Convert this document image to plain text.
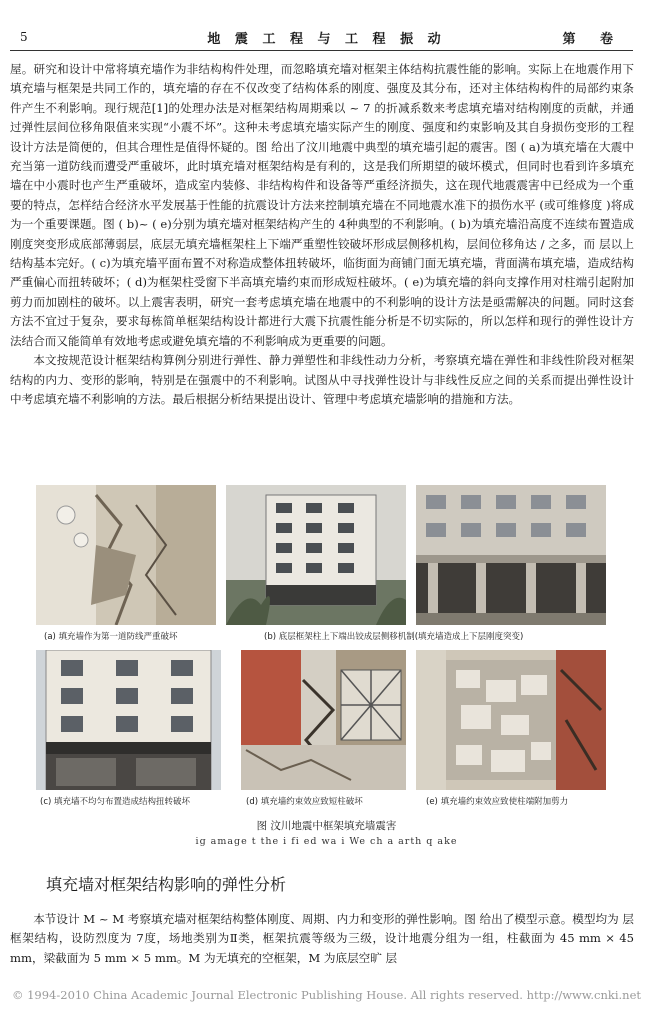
5	地 震 工 程 与 工 程 振 动	第 卷

屋。研究和设计中常将填充墙作为非结构构件处理，而忽略填充墙对框架主体结构抗震性能的影响。实际上在地震作用下填充墙与框架是共同工作的，填充墙的存在不仅改变了结构体系的刚度、强度及其分布，还对主体结构构件的局部约束条件产生不利影响。现行规范[1]的处理办法是对框架结构周期乘以 ~ 7 的折减系数来考虑填充墙对结构刚度的贡献，并通过弹性层间位移角限值来实现“小震不坏”。这种未考虑填充墙实际产生的刚度、强度和约束影响及其自身损伤变形的工程设计方法是简便的，但其合理性是值得怀疑的。图 给出了汶川地震中典型的填充墙引起的震害。图 ( a)为填充墙在大震中充当第一道防线而遭受严重破坏，此时填充墙对框架结构是有利的，这是我们所期望的破坏模式，但同时也看到许多填充墙在中小震时也产生严重破坏，造成室内装修、非结构构件和设备等严重经济损失，这在现代地震震害中已经成为一个重要的特点，怎样结合经济水平发展基于性能的抗震设计方法来控制填充墙在不同地震水准下的损伤水平 (或可维修度 )将成为一个重要课题。图 ( b)~ ( e)分别为填充墙对框架结构产生的 4种典型的不利影响。( b)为填充墙沿高度不连续布置造成刚度突变形成底部薄弱层，底层无填充墙框架柱上下端严重塑性铰破坏形成层侧移机构，层间位移角达 / 之多，而 层以上结构基本完好。( c)为填充墙平面布置不对称造成整体扭转破坏，临街面为商铺门面无填充墙，背面满布填充墙，造成结构严重偏心而扭转破坏；( d)为框架柱受窗下半高填充墙约束而形成短柱破坏。( e)为填充墙的斜向支撑作用对柱端引起附加剪力而加剧柱的破坏。以上震害表明，研究一套考虑填充墙在地震中的不利影响的设计方法是亟需解决的问题。同时这套方法不宜过于复杂，要求每栋简单框架结构设计都进行大震下抗震性能分析是不切实际的，所以怎样和现行的弹性设计方法结合而又能简单有效地考虑或避免填充墙的不利影响成为更重要的问题。

本文按规范设计框架结构算例分别进行弹性、静力弹塑性和非线性动力分析，考察填充墙在弹性和非线性阶段对框架结构的内力、变形的影响，特别是在强震中的不利影响。试图从中寻找弹性设计与非线性反应之间的关系而提出弹性设计中考虑填充墙不利影响的方法。最后根据分析结果提出设计、管理中考虑填充墙影响的措施和方法。

(a) 填充墙作为第一道防线严重破坏	(b) 底层框架柱上下端出铰成层侧移机制(填充墙造成上下层刚度突变)
(c) 填充墙不均匀布置造成结构扭转破坏	(d) 填充墙约束效应致短柱破坏	(e) 填充墙约束效应致使柱端附加剪力
图 汶川地震中框架填充墙震害
ig amage t the i fi ed wa i We ch a arth q ake
填充墙对框架结构影响的弹性分析

本节设计 M ~ M 考察填充墙对框架结构整体刚度、周期、内力和变形的弹性影响。图 给出了模型示意。模型均为 层框架结构，设防烈度为 7度，场地类别为Ⅱ类，框架抗震等级为三级，设计地震分组为一组，柱截面为 45 mm × 45 mm，梁截面为 5 mm × 5 mm。M 为无填充的空框架，M 为底层空旷 层

© 1994-2010 China Academic Journal Electronic Publishing House. All rights reserved. http://www.cnki.net
